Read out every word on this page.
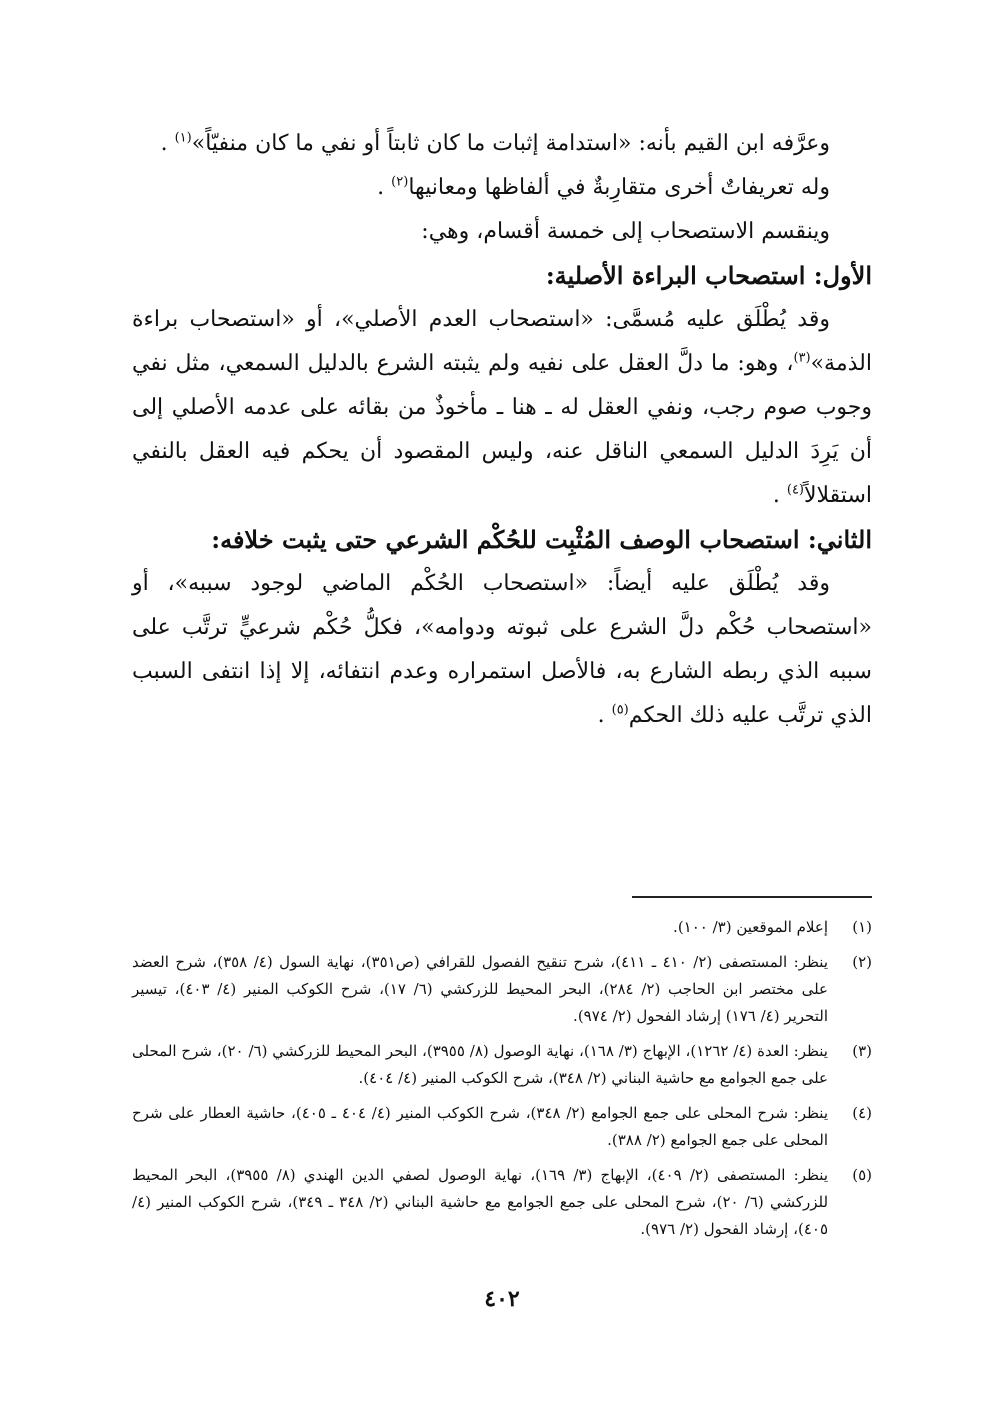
وعرَّفه ابن القيم بأنه: «استدامة إثبات ما كان ثابتاً أو نفي ما كان منفيّاً»$^{(١)}$ .

وله تعريفاتٌ أخرى متقارِبةٌ في ألفاظها ومعانيها$^{(٢)}$ .

وينقسم الاستصحاب إلى خمسة أقسام، وهي:

الأول: استصحاب البراءة الأصلية:

وقد يُطْلَق عليه مُسمَّى: «استصحاب العدم الأصلي»، أو «استصحاب براءة الذمة»$^{(٣)}$، وهو: ما دلَّ العقل على نفيه ولم يثبته الشرع بالدليل السمعي، مثل نفي وجوب صوم رجب، ونفي العقل له ـ هنا ـ مأخوذٌ من بقائه على عدمه الأصلي إلى أن يَرِدَ الدليل السمعي الناقل عنه، وليس المقصود أن يحكم فيه العقل بالنفي استقلالاً$^{(٤)}$ .

الثاني: استصحاب الوصف المُثْبِت للحُكْم الشرعي حتى يثبت خلافه:

وقد يُطْلَق عليه أيضاً: «استصحاب الحُكْم الماضي لوجود سببه»، أو «استصحاب حُكْم دلَّ الشرع على ثبوته ودوامه»، فكلُّ حُكْم شرعيٍّ ترتَّب على سببه الذي ربطه الشارع به، فالأصل استمراره وعدم انتفائه، إلا إذا انتفى السبب الذي ترتَّب عليه ذلك الحكم$^{(٥)}$ .

(١)
إعلام الموقعين (٣/ ١٠٠).
(٢)
ينظر: المستصفى (٢/ ٤١٠ ـ ٤١١)، شرح تنقيح الفصول للقرافي (ص٣٥١)، نهاية السول (٤/ ٣٥٨)، شرح العضد على مختصر ابن الحاجب (٢/ ٢٨٤)، البحر المحيط للزركشي (٦/ ١٧)، شرح الكوكب المنير (٤/ ٤٠٣)، تيسير التحرير (٤/ ١٧٦) إرشاد الفحول (٢/ ٩٧٤).
(٣)
ينظر: العدة (٤/ ١٢٦٢)، الإبهاج (٣/ ١٦٨)، نهاية الوصول (٨/ ٣٩٥٥)، البحر المحيط للزركشي (٦/ ٢٠)، شرح المحلى على جمع الجوامع مع حاشية البناني (٢/ ٣٤٨)، شرح الكوكب المنير (٤/ ٤٠٤).
(٤)
ينظر: شرح المحلى على جمع الجوامع (٢/ ٣٤٨)، شرح الكوكب المنير (٤/ ٤٠٤ ـ ٤٠٥)، حاشية العطار على شرح المحلى على جمع الجوامع (٢/ ٣٨٨).
(٥)
ينظر: المستصفى (٢/ ٤٠٩)، الإبهاج (٣/ ١٦٩)، نهاية الوصول لصفي الدين الهندي (٨/ ٣٩٥٥)، البحر المحيط للزركشي (٦/ ٢٠)، شرح المحلى على جمع الجوامع مع حاشية البناني (٢/ ٣٤٨ ـ ٣٤٩)، شرح الكوكب المنير (٤/ ٤٠٥)، إرشاد الفحول (٢/ ٩٧٦).
٤٠٢
